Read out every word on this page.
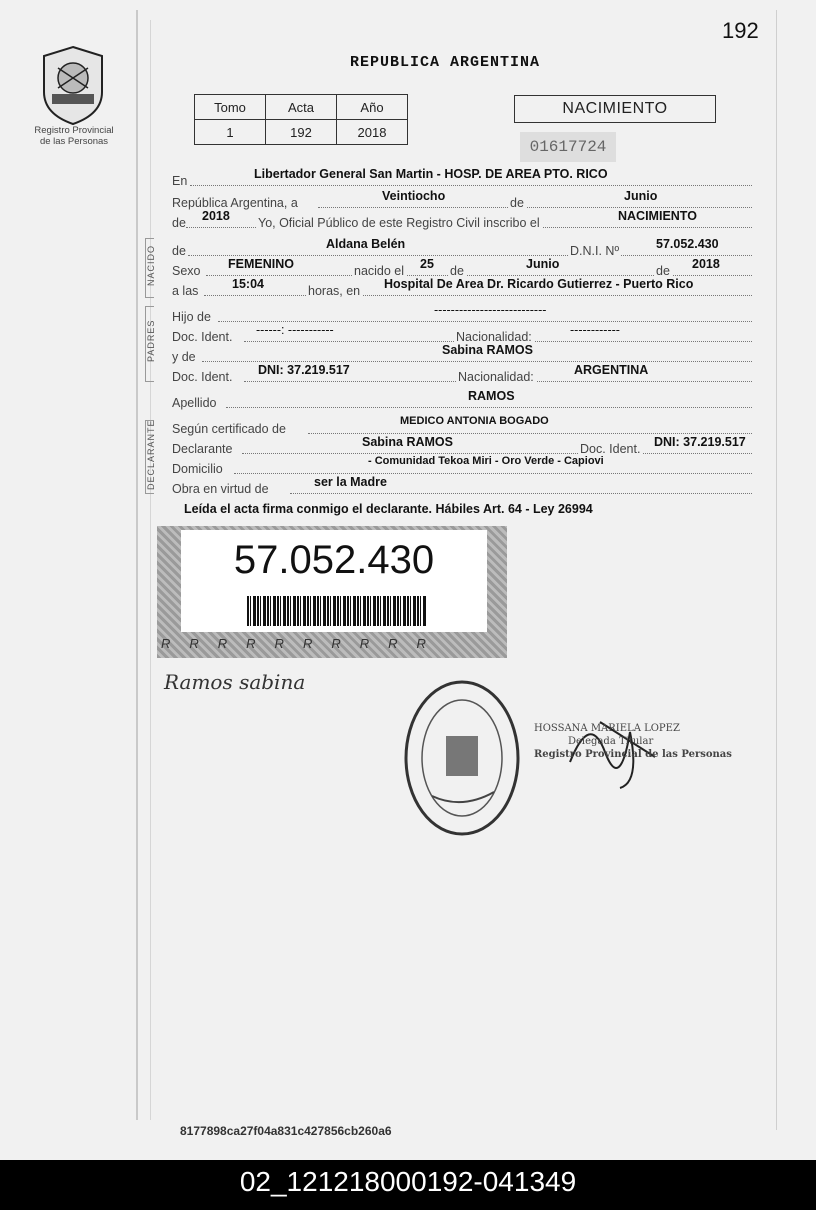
192
Registro Provincial
de las Personas
REPUBLICA ARGENTINA
Tomo	Acta	Año
1	192	2018
NACIMIENTO
01617724
En	Libertador General San Martin - HOSP. DE AREA PTO. RICO
República Argentina, a	Veintiocho	de	Junio
de 2018 Yo, Oficial Público de este Registro Civil inscribo el	NACIMIENTO
NACIDO de	Aldana Belén	D.N.I. Nº	57.052.430
Sexo FEMENINO	nacido el 25 de	Junio	de 2018
a las	15:04	horas, en Hospital De Area Dr. Ricardo Gutierrez - Puerto Rico
PADRES
Hijo de	---------------------------
Doc. Ident. ------: -----------	Nacionalidad:	------------
y de	Sabina RAMOS
Doc. Ident. DNI: 37.219.517	Nacionalidad:	ARGENTINA
Apellido	RAMOS
DECLARANTE Según certificado de
MEDICO ANTONIA BOGADO
Declarante	Sabina RAMOS	Doc. Ident. DNI: 37.219.517
Domicilio
- Comunidad Tekoa Miri - Oro Verde - Capiovi
Obra en virtud de	ser la Madre
Leída el acta firma conmigo el declarante. Hábiles Art. 64 - Ley 26994
57.052.430
RRRRRRRRRR
Ramos sabina
HOSSANA MARIELA LOPEZ
Delegada Titular
Registro Provincial de las Personas
8177898ca27f04a831c427856cb260a6
02_121218000192-041349
